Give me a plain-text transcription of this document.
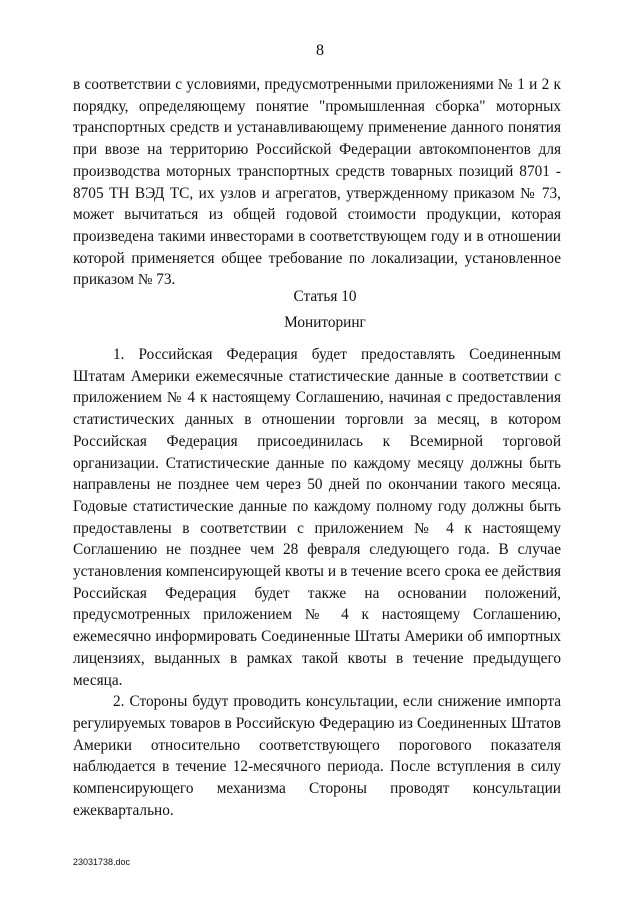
8

в соответствии с условиями, предусмотренными приложениями № 1 и 2 к порядку, определяющему понятие "промышленная сборка" моторных транспортных средств и устанавливающему применение данного понятия при ввозе на территорию Российской Федерации автокомпонентов для производства моторных транспортных средств товарных позиций 8701 - 8705 ТН ВЭД ТС, их узлов и агрегатов, утвержденному приказом № 73, может вычитаться из общей годовой стоимости продукции, которая произведена такими инвесторами в соответствующем году и в отношении которой применяется общее требование по локализации, установленное приказом № 73.

Статья 10
Мониторинг

1. Российская Федерация будет предоставлять Соединенным Штатам Америки ежемесячные статистические данные в соответствии с приложением № 4 к настоящему Соглашению, начиная с предоставления статистических данных в отношении торговли за месяц, в котором Российская Федерация присоединилась к Всемирной торговой организации. Статистические данные по каждому месяцу должны быть направлены не позднее чем через 50 дней по окончании такого месяца. Годовые статистические данные по каждому полному году должны быть предоставлены в соответствии с приложением № 4 к настоящему Соглашению не позднее чем 28 февраля следующего года. В случае установления компенсирующей квоты и в течение всего срока ее действия Российская Федерация будет также на основании положений, предусмотренных приложением № 4 к настоящему Соглашению, ежемесячно информировать Соединенные Штаты Америки об импортных лицензиях, выданных в рамках такой квоты в течение предыдущего месяца.

2. Стороны будут проводить консультации, если снижение импорта регулируемых товаров в Российскую Федерацию из Соединенных Штатов Америки относительно соответствующего порогового показателя наблюдается в течение 12-месячного периода. После вступления в силу компенсирующего механизма Стороны проводят консультации ежеквартально.

23031738.doc
